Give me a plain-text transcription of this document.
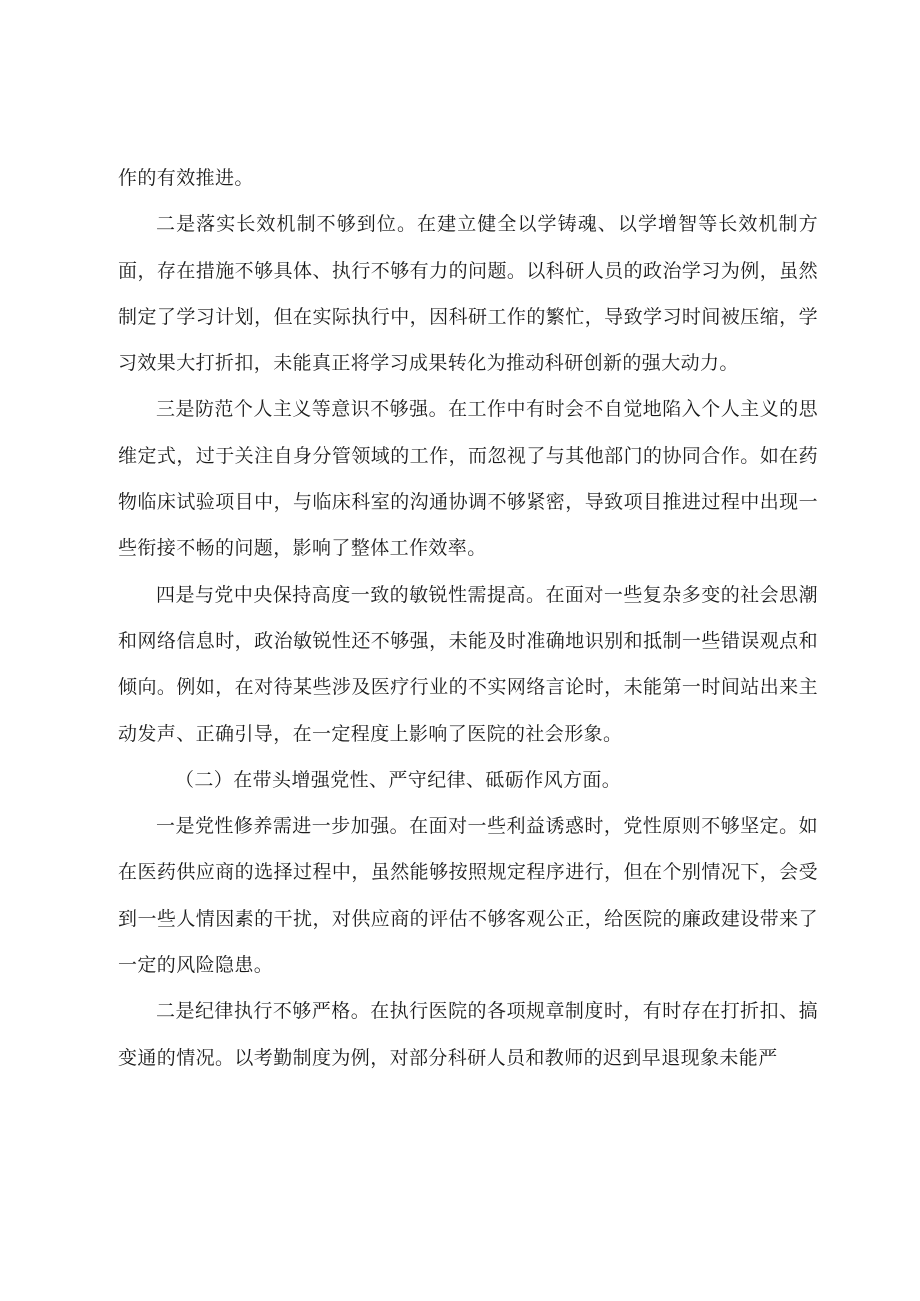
作的有效推进。

二是落实长效机制不够到位。在建立健全以学铸魂、以学增智等长效机制方面，存在措施不够具体、执行不够有力的问题。以科研人员的政治学习为例，虽然制定了学习计划，但在实际执行中，因科研工作的繁忙，导致学习时间被压缩，学习效果大打折扣，未能真正将学习成果转化为推动科研创新的强大动力。

三是防范个人主义等意识不够强。在工作中有时会不自觉地陷入个人主义的思维定式，过于关注自身分管领域的工作，而忽视了与其他部门的协同合作。如在药物临床试验项目中，与临床科室的沟通协调不够紧密，导致项目推进过程中出现一些衔接不畅的问题，影响了整体工作效率。

四是与党中央保持高度一致的敏锐性需提高。在面对一些复杂多变的社会思潮和网络信息时，政治敏锐性还不够强，未能及时准确地识别和抵制一些错误观点和倾向。例如，在对待某些涉及医疗行业的不实网络言论时，未能第一时间站出来主动发声、正确引导，在一定程度上影响了医院的社会形象。

（二）在带头增强党性、严守纪律、砥砺作风方面。

一是党性修养需进一步加强。在面对一些利益诱惑时，党性原则不够坚定。如在医药供应商的选择过程中，虽然能够按照规定程序进行，但在个别情况下，会受到一些人情因素的干扰，对供应商的评估不够客观公正，给医院的廉政建设带来了一定的风险隐患。

二是纪律执行不够严格。在执行医院的各项规章制度时，有时存在打折扣、搞变通的情况。以考勤制度为例，对部分科研人员和教师的迟到早退现象未能严
